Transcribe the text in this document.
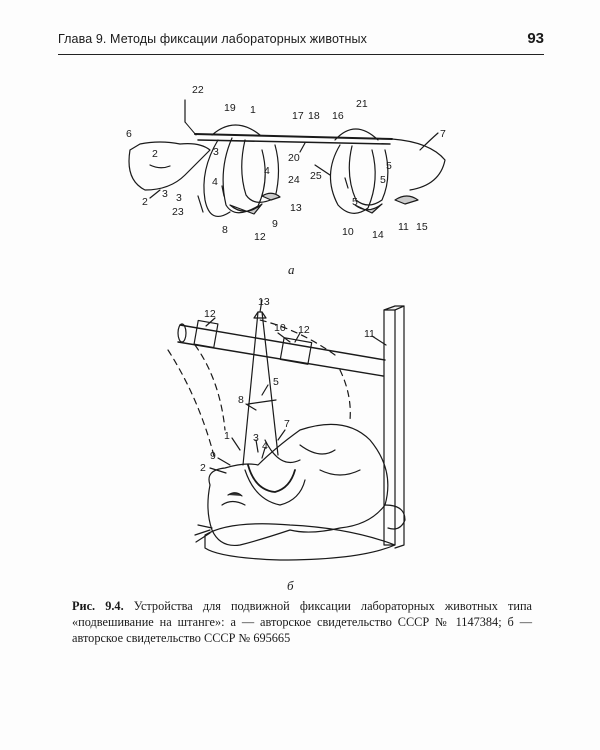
Глава 9. Методы фиксации лабораторных животных	93
22
19 1	17 18 16
21
6
2	3	20
7
4
4
24 25	5
3 3
23
9
13	5
8
12	10 14
11 15
2
5
а
13
12
10 12	11
5
8
7
1 3
4
9
2
б
Рис. 9.4. Устройства для подвижной фиксации лабораторных животных типа «подвешивание на штанге»: а — авторское свидетельство СССР № 1147384; б — авторское свидетельство СССР № 695665
